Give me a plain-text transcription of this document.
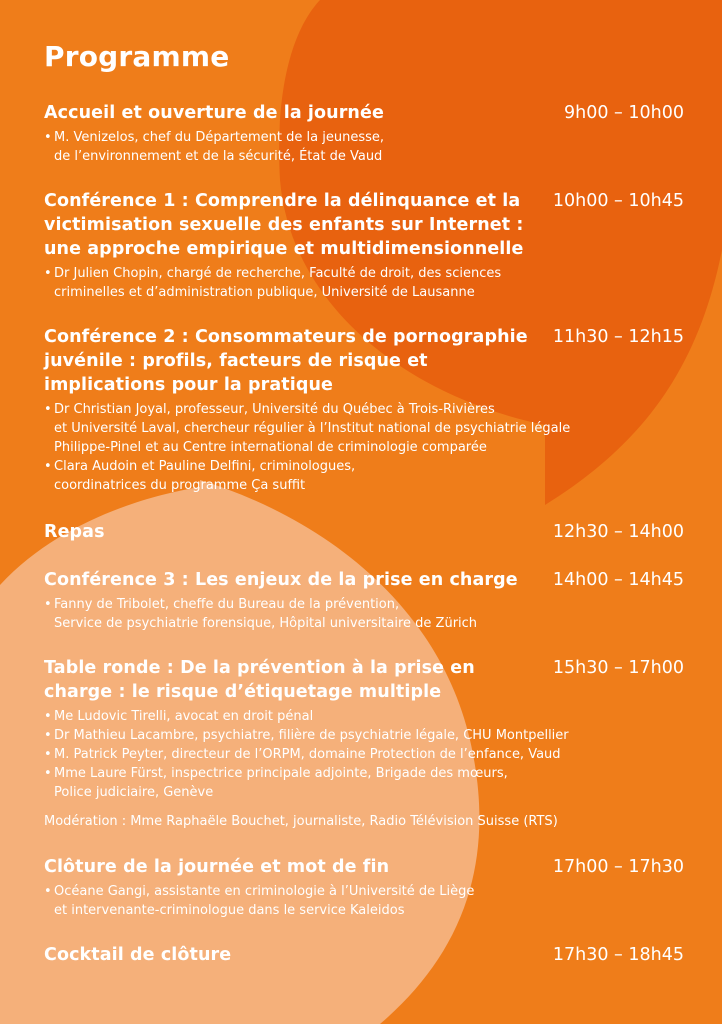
Programme
Accueil et ouverture de la journée	9h00 – 10h00
• M. Venizelos, chef du Département de la jeunesse,
de l’environnement et de la sécurité, État de Vaud
Conférence 1 : Comprendre la délinquance et la victimisation sexuelle des enfants sur Internet : une approche empirique et multidimensionnelle
10h00 – 10h45
• Dr Julien Chopin, chargé de recherche, Faculté de droit, des sciences
criminelles et d’administration publique, Université de Lausanne
Conférence 2 : Consommateurs de pornographie juvénile : profils, facteurs de risque et implications pour la pratique
11h30 – 12h15
• Dr Christian Joyal, professeur, Université du Québec à Trois-Rivières
et Université Laval, chercheur régulier à l’Institut national de psychiatrie légale
Philippe-Pinel et au Centre international de criminologie comparée
• Clara Audoin et Pauline Delfini, criminologues,
coordinatrices du programme Ça suffit
Repas	12h30 – 14h00
Conférence 3 : Les enjeux de la prise en charge	14h00 – 14h45
• Fanny de Tribolet, cheffe du Bureau de la prévention,
Service de psychiatrie forensique, Hôpital universitaire de Zürich
Table ronde : De la prévention à la prise en charge : le risque d’étiquetage multiple
15h30 – 17h00
• Me Ludovic Tirelli, avocat en droit pénal
• Dr Mathieu Lacambre, psychiatre, filière de psychiatrie légale, CHU Montpellier
• M. Patrick Peyter, directeur de l’ORPM, domaine Protection de l’enfance, Vaud
• Mme Laure Fürst, inspectrice principale adjointe, Brigade des mœurs,
Police judiciaire, Genève
Modération : Mme Raphaële Bouchet, journaliste, Radio Télévision Suisse (RTS)
Clôture de la journée et mot de fin	17h00 – 17h30
• Océane Gangi, assistante en criminologie à l’Université de Liège
et intervenante-criminologue dans le service Kaleidos
Cocktail de clôture	17h30 – 18h45
